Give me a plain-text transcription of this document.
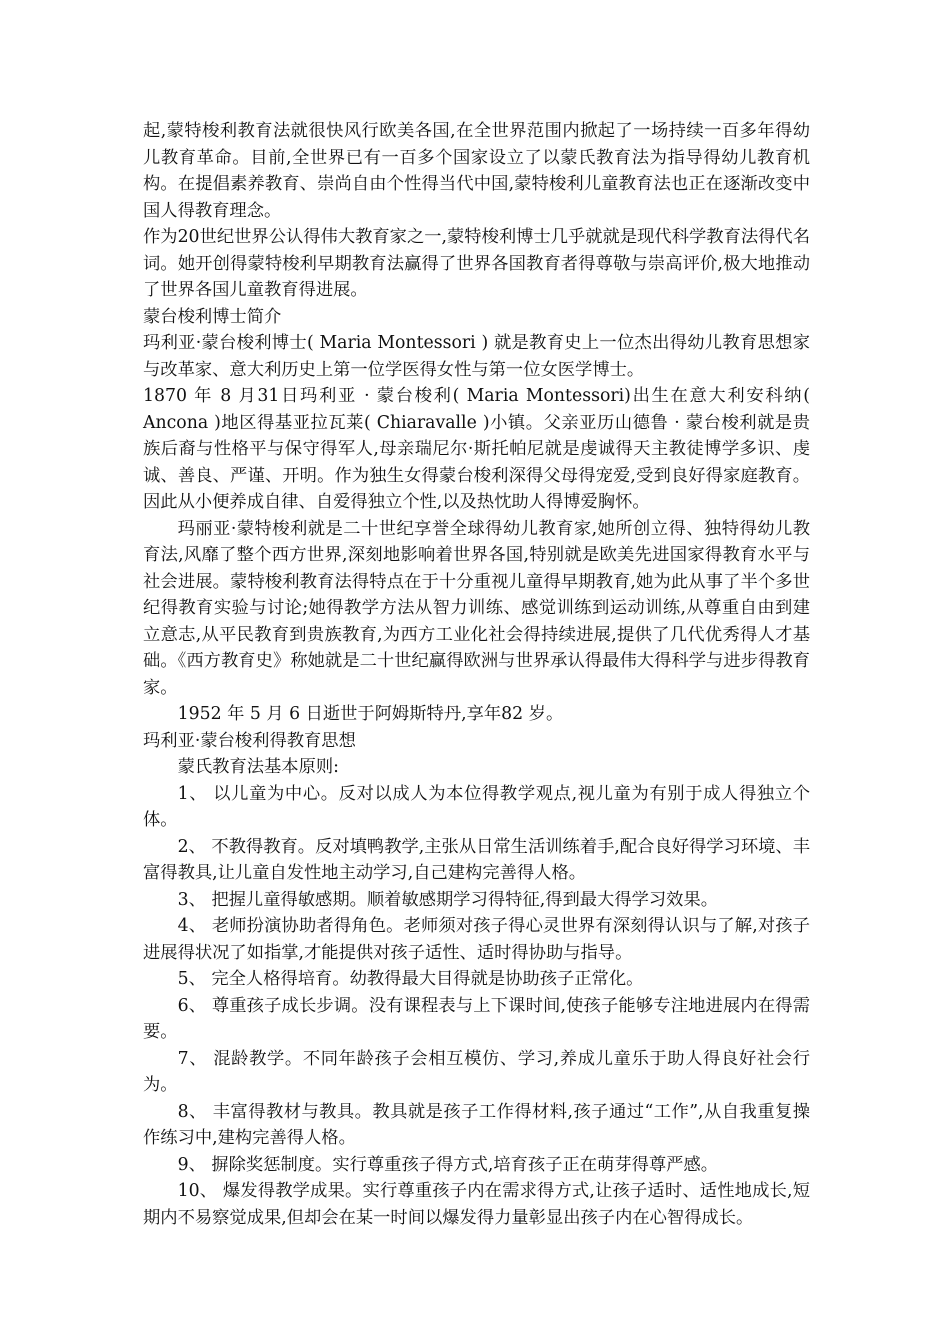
起,蒙特梭利教育法就很快风行欧美各国,在全世界范围内掀起了一场持续一百多年得幼儿教育革命。目前,全世界已有一百多个国家设立了以蒙氏教育法为指导得幼儿教育机构。在提倡素养教育、崇尚自由个性得当代中国,蒙特梭利儿童教育法也正在逐渐改变中国人得教育理念。

作为20世纪世界公认得伟大教育家之一,蒙特梭利博士几乎就就是现代科学教育法得代名词。她开创得蒙特梭利早期教育法赢得了世界各国教育者得尊敬与崇高评价,极大地推动了世界各国儿童教育得进展。

蒙台梭利博士简介

玛利亚·蒙台梭利博士( Maria Montessori ) 就是教育史上一位杰出得幼儿教育思想家与改革家、意大利历史上第一位学医得女性与第一位女医学博士。

1870 年 8 月31日玛利亚 · 蒙台梭利( Maria Montessori)出生在意大利安科纳( Ancona )地区得基亚拉瓦莱( Chiaravalle )小镇。父亲亚历山德鲁 · 蒙台梭利就是贵族后裔与性格平与保守得军人,母亲瑞尼尔·斯托帕尼就是虔诚得天主教徒博学多识、虔诚、善良、严谨、开明。作为独生女得蒙台梭利深得父母得宠爱,受到良好得家庭教育。因此从小便养成自律、自爱得独立个性,以及热忱助人得博爱胸怀。

玛丽亚·蒙特梭利就是二十世纪享誉全球得幼儿教育家,她所创立得、独特得幼儿教育法,风靡了整个西方世界,深刻地影响着世界各国,特别就是欧美先进国家得教育水平与社会进展。蒙特梭利教育法得特点在于十分重视儿童得早期教育,她为此从事了半个多世纪得教育实验与讨论;她得教学方法从智力训练、感觉训练到运动训练,从尊重自由到建立意志,从平民教育到贵族教育,为西方工业化社会得持续进展,提供了几代优秀得人才基础。《西方教育史》称她就是二十世纪赢得欧洲与世界承认得最伟大得科学与进步得教育家。

1952 年 5 月 6 日逝世于阿姆斯特丹,享年82 岁。

玛利亚·蒙台梭利得教育思想

蒙氏教育法基本原则:

1、 以儿童为中心。反对以成人为本位得教学观点,视儿童为有别于成人得独立个体。

2、 不教得教育。反对填鸭教学,主张从日常生活训练着手,配合良好得学习环境、丰富得教具,让儿童自发性地主动学习,自己建构完善得人格。

3、 把握儿童得敏感期。顺着敏感期学习得特征,得到最大得学习效果。

4、 老师扮演协助者得角色。老师须对孩子得心灵世界有深刻得认识与了解,对孩子进展得状况了如指掌,才能提供对孩子适性、适时得协助与指导。

5、 完全人格得培育。幼教得最大目得就是协助孩子正常化。

6、 尊重孩子成长步调。没有课程表与上下课时间,使孩子能够专注地进展内在得需要。

7、 混龄教学。不同年龄孩子会相互模仿、学习,养成儿童乐于助人得良好社会行为。

8、 丰富得教材与教具。教具就是孩子工作得材料,孩子通过“工作”,从自我重复操作练习中,建构完善得人格。

9、 摒除奖惩制度。实行尊重孩子得方式,培育孩子正在萌芽得尊严感。

10、 爆发得教学成果。实行尊重孩子内在需求得方式,让孩子适时、适性地成长,短期内不易察觉成果,但却会在某一时间以爆发得力量彰显出孩子内在心智得成长。
